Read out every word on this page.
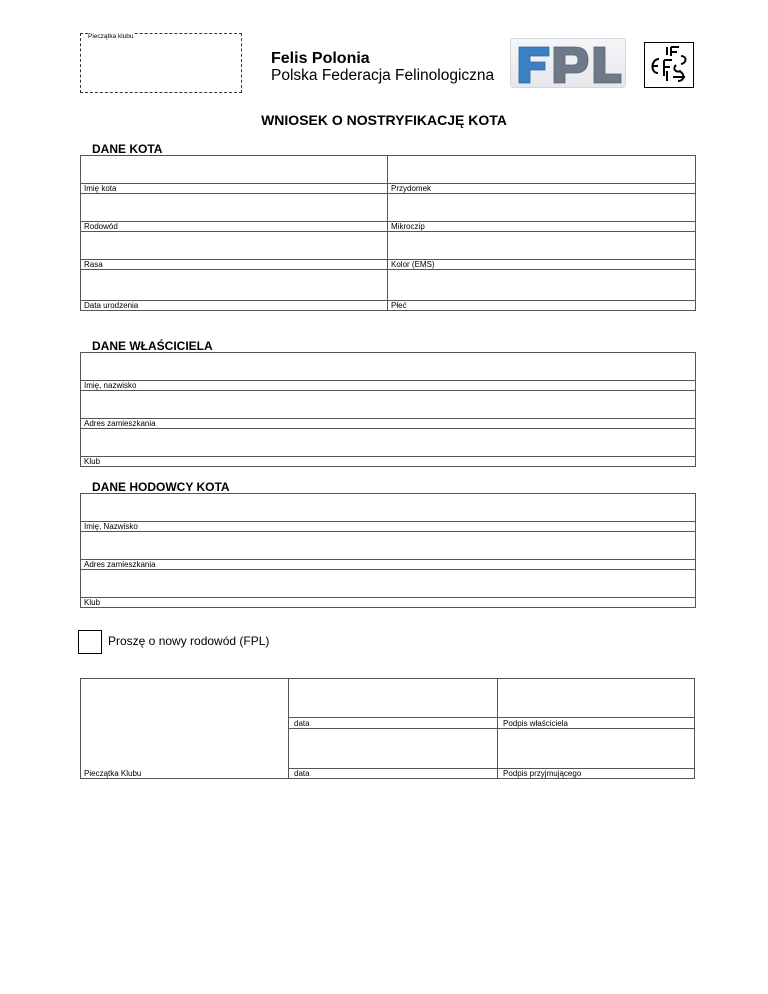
Pieczątka klubu
Felis Polonia
Polska Federacja Felinologiczna
WNIOSEK O NOSTRYFIKACJĘ KOTA
DANE KOTA

Imię kota	Przydomek

Rodowód	Mikroczip

Rasa	Kolor (EMS)

Data urodzenia	Płeć
DANE WŁAŚCICIELA

Imię, nazwisko

Adres zamieszkania

Klub
DANE HODOWCY KOTA

Imię, Nazwisko

Adres zamieszkania

Klub
Proszę o nowy rodowód (FPL)
Pieczątka Klubu
data	Podpis właściciela
data	Podpis przyjmującego
